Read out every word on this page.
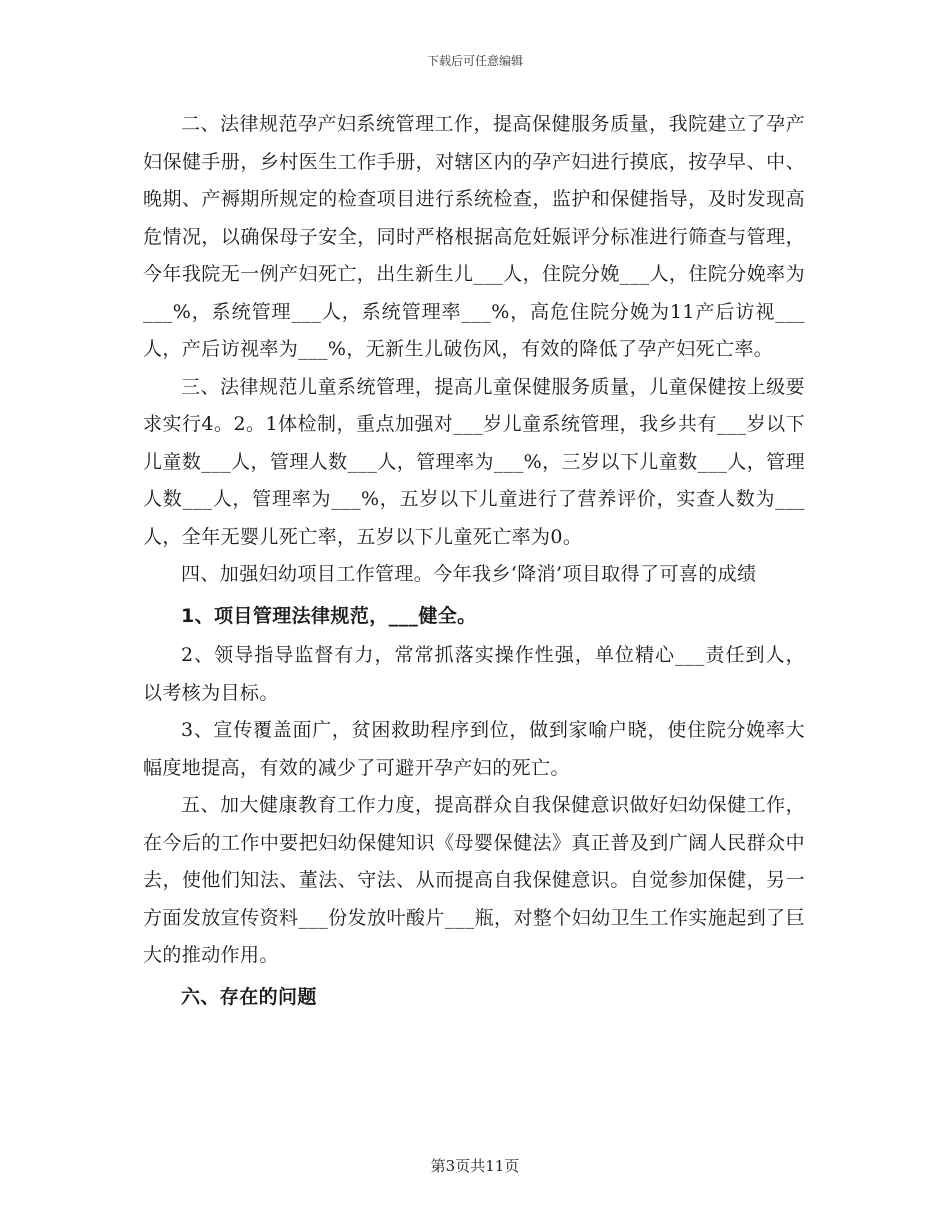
下载后可任意编辑

二、法律规范孕产妇系统管理工作，提高保健服务质量，我院建立了孕产妇保健手册，乡村医生工作手册，对辖区内的孕产妇进行摸底，按孕早、中、晚期、产褥期所规定的检查项目进行系统检查，监护和保健指导，及时发现高危情况，以确保母子安全，同时严格根据高危妊娠评分标准进行筛查与管理，今年我院无一例产妇死亡，出生新生儿___人，住院分娩___人，住院分娩率为___%，系统管理___人，系统管理率___%，高危住院分娩为11产后访视___人，产后访视率为___%，无新生儿破伤风，有效的降低了孕产妇死亡率。

三、法律规范儿童系统管理，提高儿童保健服务质量，儿童保健按上级要求实行4。2。1体检制，重点加强对___岁儿童系统管理，我乡共有___岁以下儿童数___人，管理人数___人，管理率为___%，三岁以下儿童数___人，管理人数___人，管理率为___%，五岁以下儿童进行了营养评价，实查人数为___人，全年无婴儿死亡率，五岁以下儿童死亡率为0。

四、加强妇幼项目工作管理。今年我乡‘降消’项目取得了可喜的成绩

1、项目管理法律规范，___健全。

2、领导指导监督有力，常常抓落实操作性强，单位精心___责任到人，以考核为目标。

3、宣传覆盖面广，贫困救助程序到位，做到家喻户晓，使住院分娩率大幅度地提高，有效的减少了可避开孕产妇的死亡。

五、加大健康教育工作力度，提高群众自我保健意识做好妇幼保健工作，在今后的工作中要把妇幼保健知识《母婴保健法》真正普及到广阔人民群众中去，使他们知法、董法、守法、从而提高自我保健意识。自觉参加保健，另一方面发放宣传资料___份发放叶酸片___瓶，对整个妇幼卫生工作实施起到了巨大的推动作用。

六、存在的问题

第3页共11页
